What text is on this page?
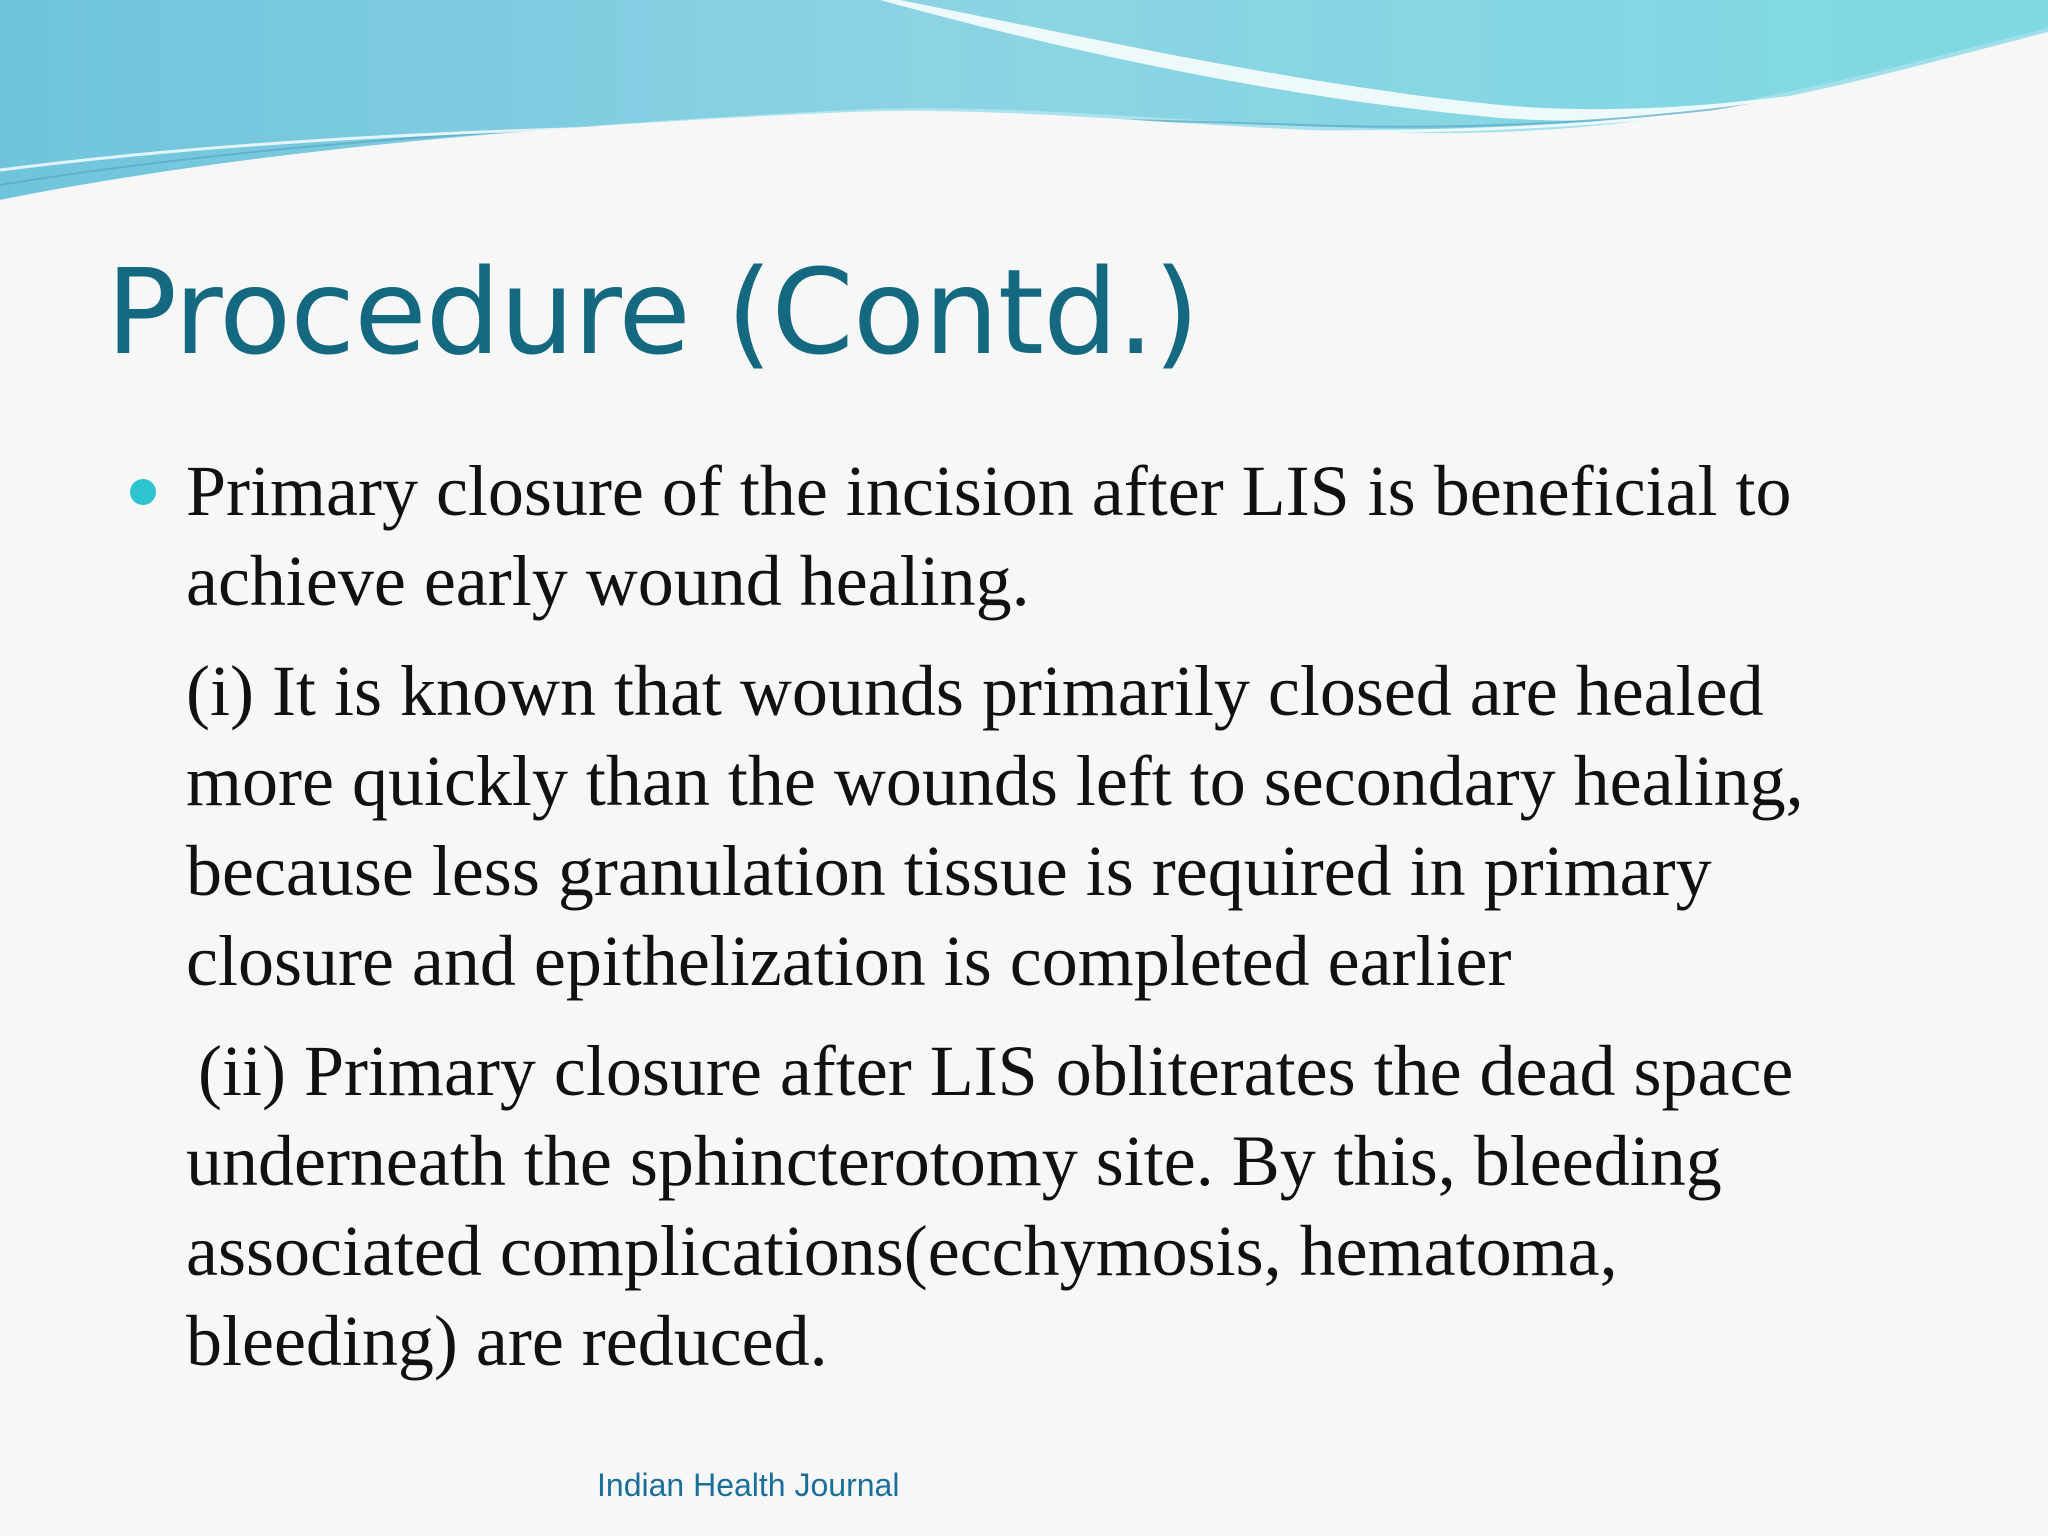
Procedure (Contd.)

Primary closure of the incision after LIS is beneficial to achieve early wound healing.

(i) It is known that wounds primarily closed are healed more quickly than the wounds left to secondary healing, because less granulation tissue is required in primary closure and epithelization is completed earlier

(ii) Primary closure after LIS obliterates the dead space underneath the sphincterotomy site. By this, bleeding associated complications(ecchymosis, hematoma, bleeding) are reduced.

Indian Health Journal
